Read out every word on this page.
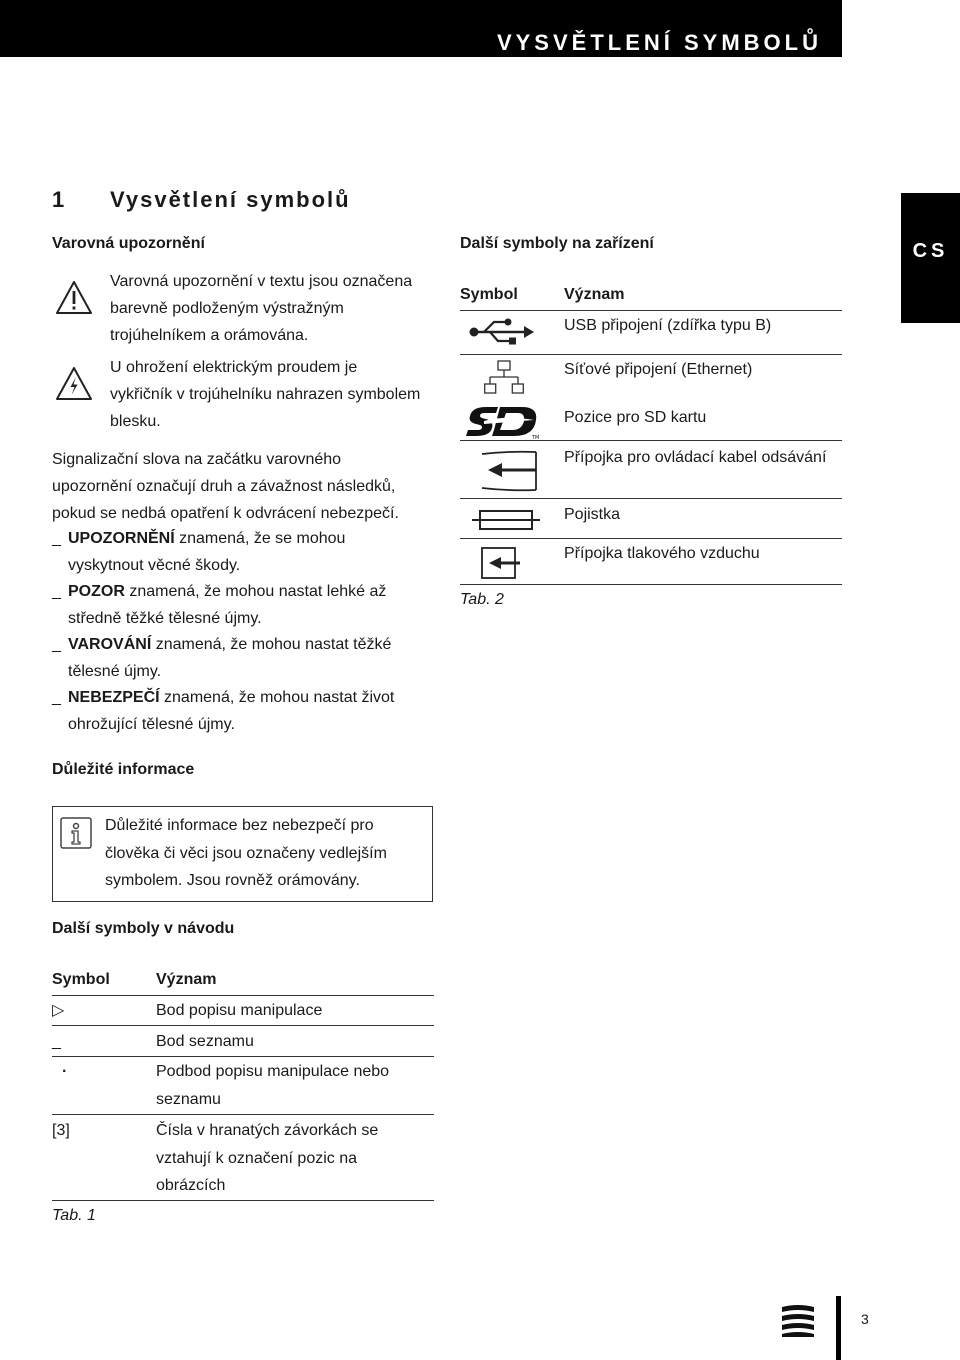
VYSVĚTLENÍ SYMBOLŮ
CS
1 Vysvětlení symbolů
Varovná upozornění
Varovná upozornění v textu jsou označena
barevně podloženým výstražným
trojúhelníkem a orámována.
U ohrožení elektrickým proudem je
vykřičník v trojúhelníku nahrazen symbolem
blesku.
Signalizační slova na začátku varovného
upozornění označují druh a závažnost následků,
pokud se nedbá opatření k odvrácení nebezpečí.
_ UPOZORNĚNÍ znamená, že se mohou
vyskytnout věcné škody.
_ POZOR znamená, že mohou nastat lehké až
středně těžké tělesné újmy.
_ VAROVÁNÍ znamená, že mohou nastat těžké
tělesné újmy.
_ NEBEZPEČÍ znamená, že mohou nastat život
ohrožující tělesné újmy.
Důležité informace
Důležité informace bez nebezpečí pro
člověka či věci jsou označeny vedlejším
symbolem. Jsou rovněž orámovány.
Další symboly v návodu
Symbol	Význam
▷	Bod popisu manipulace
_	Bod seznamu
·	Podbod popisu manipulace nebo
seznamu
[3]	Čísla v hranatých závorkách se
vztahují k označení pozic na
obrázcích
Tab. 1
Další symboly na zařízení
Symbol	Význam
USB připojení (zdířka typu B)
Síťové připojení (Ethernet)
TM
Pozice pro SD kartu
Přípojka pro ovládací kabel odsávání
Pojistka
Přípojka tlakového vzduchu
Tab. 2
3
